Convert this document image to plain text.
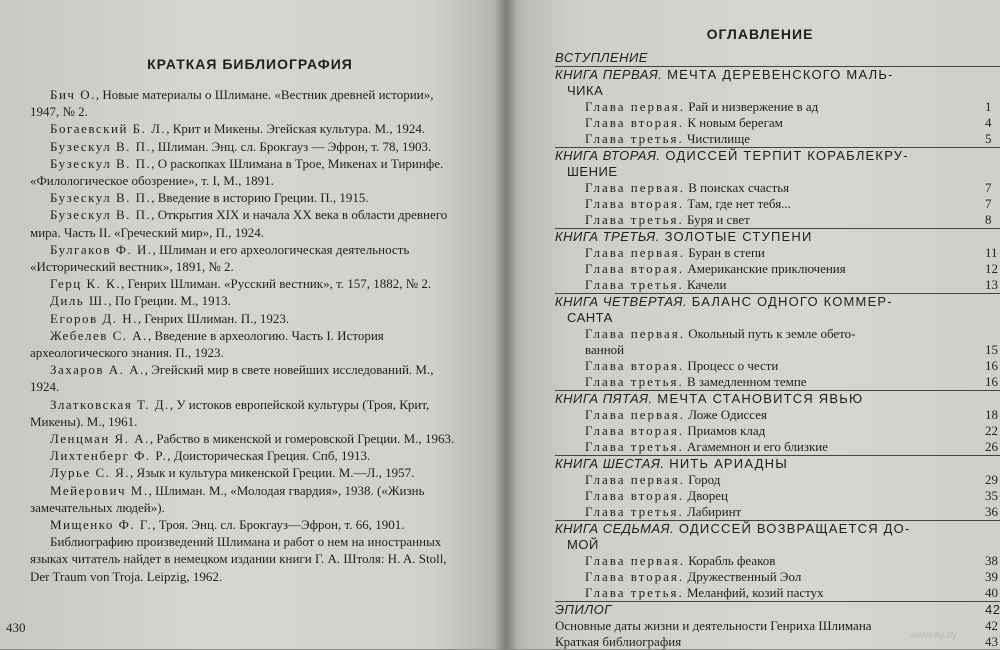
КРАТКАЯ БИБЛИОГРАФИЯ
Бич О., Новые материалы о Шлимане. «Вестник древней истории», 1947, № 2.
Богаевский Б. Л., Крит и Микены. Эгейская культура. М., 1924.
Бузескул В. П., Шлиман. Энц. сл. Брокгауз — Эфрон, т. 78, 1903.
Бузескул В. П., О раскопках Шлимана в Трое, Микенах и Тиринфе. «Филологическое обозрение», т. I, М., 1891.
Бузескул В. П., Введение в историю Греции. П., 1915.
Бузескул В. П., Открытия XIX и начала XX века в области древнего мира. Часть II. «Греческий мир», П., 1924.
Булгаков Ф. И., Шлиман и его археологическая деятельность «Исторический вестник», 1891, № 2.
Герц К. К., Генрих Шлиман. «Русский вестник», т. 157, 1882, № 2.
Диль Ш., По Греции. М., 1913.
Егоров Д. Н., Генрих Шлиман. П., 1923.
Жебелев С. А., Введение в археологию. Часть I. История археологического знания. П., 1923.
Захаров А. А., Эгейский мир в свете новейших исследований. М., 1924.
Златковская Т. Д., У истоков европейской культуры (Троя, Крит, Микены). М., 1961.
Ленцман Я. А., Рабство в микенской и гомеровской Греции. М., 1963.
Лихтенберг Ф. Р., Доисторическая Греция. Спб, 1913.
Лурье С. Я., Язык и культура микенской Греции. М.—Л., 1957.
Мейерович М., Шлиман. М., «Молодая гвардия», 1938. («Жизнь замечательных людей»).
Мищенко Ф. Г., Троя. Энц. сл. Брокгауз—Эфрон, т. 66, 1901.
Библиографию произведений Шлимана и работ о нем на иностранных языках читатель найдет в немецком издании книги Г. А. Штоля: H. A. Stoll, Der Traum von Troja. Leipzig, 1962.
430
ОГЛАВЛЕНИЕ
ВСТУПЛЕНИЕ
КНИГА ПЕРВАЯ. МЕЧТА ДЕРЕВЕНСКОГО МАЛЬ-
ЧИКА
Глава первая. Рай и низвержение в ад	1
Глава вторая. К новым берегам	4
Глава третья. Чистилище	5
КНИГА ВТОРАЯ. ОДИССЕЙ ТЕРПИТ КОРАБЛЕКРУ-
ШЕНИЕ
Глава первая. В поисках счастья	7
Глава вторая. Там, где нет тебя...	7
Глава третья. Буря и свет	8
КНИГА ТРЕТЬЯ. ЗОЛОТЫЕ СТУПЕНИ
Глава первая. Буран в степи	11
Глава вторая. Американские приключения	12
Глава третья. Качели	13
КНИГА ЧЕТВЕРТАЯ. БАЛАНС ОДНОГО КОММЕР-
САНТА
Глава первая. Окольный путь к земле обето-
ванной	15
Глава вторая. Процесс о чести	16
Глава третья. В замедленном темпе	16
КНИГА ПЯТАЯ. МЕЧТА СТАНОВИТСЯ ЯВЬЮ
Глава первая. Ложе Одиссея	18
Глава вторая. Приамов клад	22
Глава третья. Агамемнон и его близкие	26
КНИГА ШЕСТАЯ. НИТЬ АРИАДНЫ
Глава первая. Город	29
Глава вторая. Дворец	35
Глава третья. Лабиринт	36
КНИГА СЕДЬМАЯ. ОДИССЕЙ ВОЗВРАЩАЕТСЯ ДО-
МОЙ
Глава первая. Корабль феаков	38
Глава вторая. Дружественный Эол	39
Глава третья. Меланфий, козий пастух	40
ЭПИЛОГ	42
Основные даты жизни и деятельности Генриха Шлимана	42
Краткая библиография	43
www.ay.by
